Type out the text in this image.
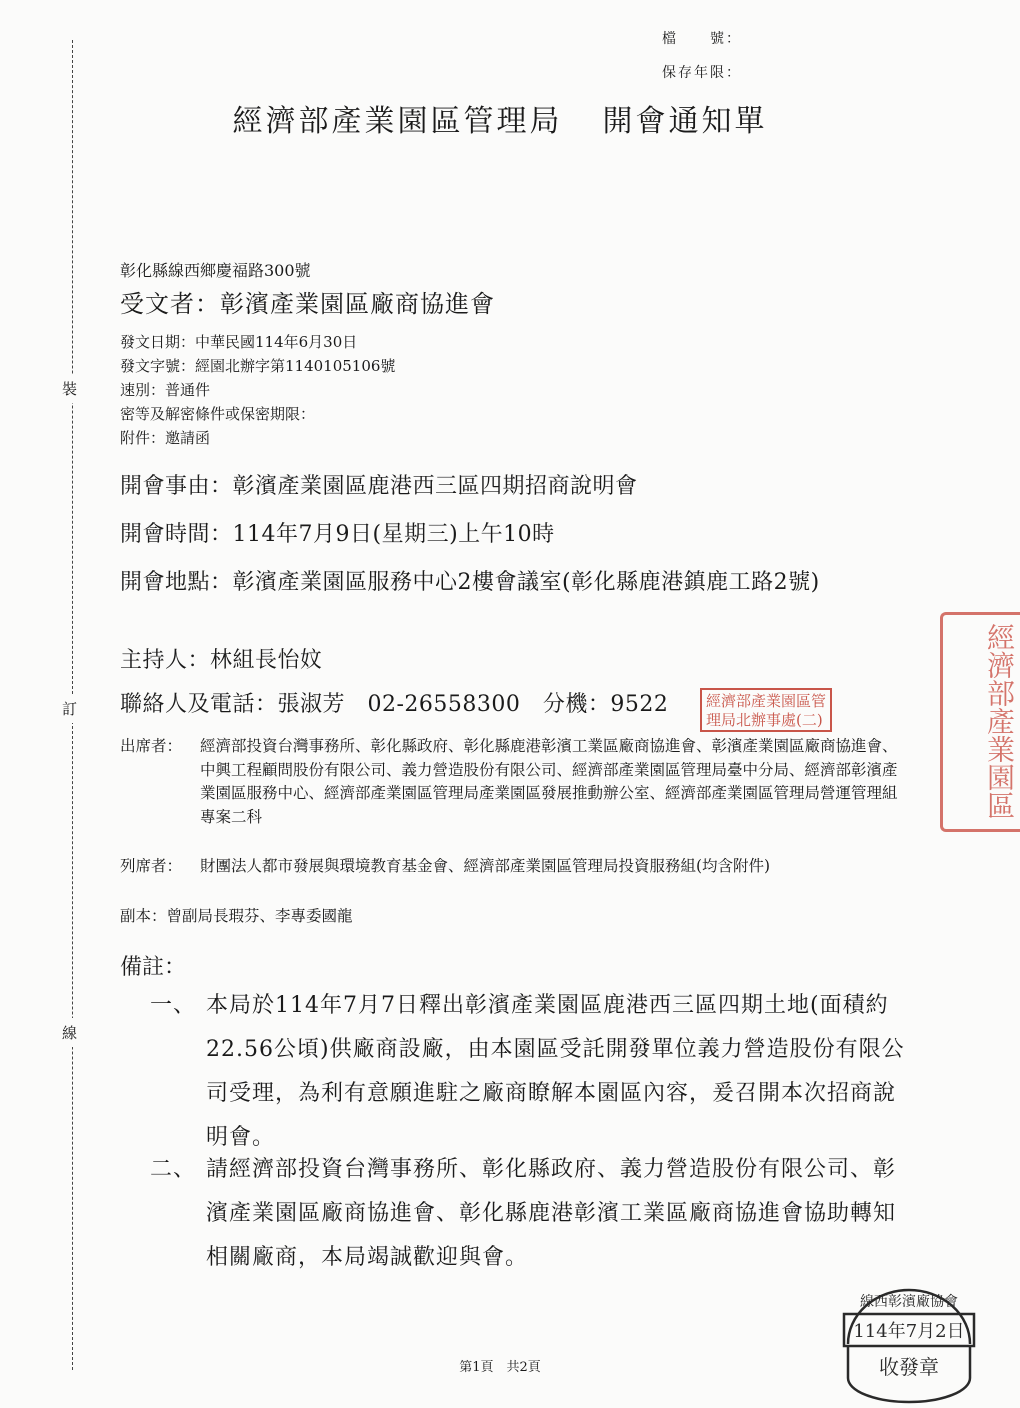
裝
訂
線
檔　　號：
保存年限：
經濟部產業園區管理局 開會通知單
彰化縣線西鄉慶福路300號
受文者：彰濱產業園區廠商協進會
發文日期：中華民國114年6月30日
發文字號：經園北辦字第1140105106號
速別：普通件
密等及解密條件或保密期限：
附件：邀請函
開會事由：彰濱產業園區鹿港西三區四期招商說明會
開會時間：114年7月9日(星期三)上午10時
開會地點：彰濱產業園區服務中心2樓會議室(彰化縣鹿港鎮鹿工路2號)
主持人：林組長怡妏
聯絡人及電話：張淑芳　02-26558300　分機：9522
出席者： 經濟部投資台灣事務所、彰化縣政府、彰化縣鹿港彰濱工業區廠商協進會、彰濱產業園區廠商協進會、中興工程顧問股份有限公司、義力營造股份有限公司、經濟部產業園區管理局臺中分局、經濟部彰濱產業園區服務中心、經濟部產業園區管理局產業園區發展推動辦公室、經濟部產業園區管理局營運管理組專案二科
列席者： 財團法人都市發展與環境教育基金會、經濟部產業園區管理局投資服務組(均含附件)
副本：曾副局長瑕芬、李專委國龍
備註：
一、 本局於114年7月7日釋出彰濱產業園區鹿港西三區四期土地(面積約22.56公頃)供廠商設廠，由本園區受託開發單位義力營造股份有限公司受理，為利有意願進駐之廠商瞭解本園區內容，爰召開本次招商說明會。
二、 請經濟部投資台灣事務所、彰化縣政府、義力營造股份有限公司、彰濱產業園區廠商協進會、彰化縣鹿港彰濱工業區廠商協進會協助轉知相關廠商，本局竭誠歡迎與會。
經濟部產業園區管理局北辦事處(二)	經濟部產業園區
線西彰濱廠協會
114年7月2日
收發章
第1頁　共2頁
